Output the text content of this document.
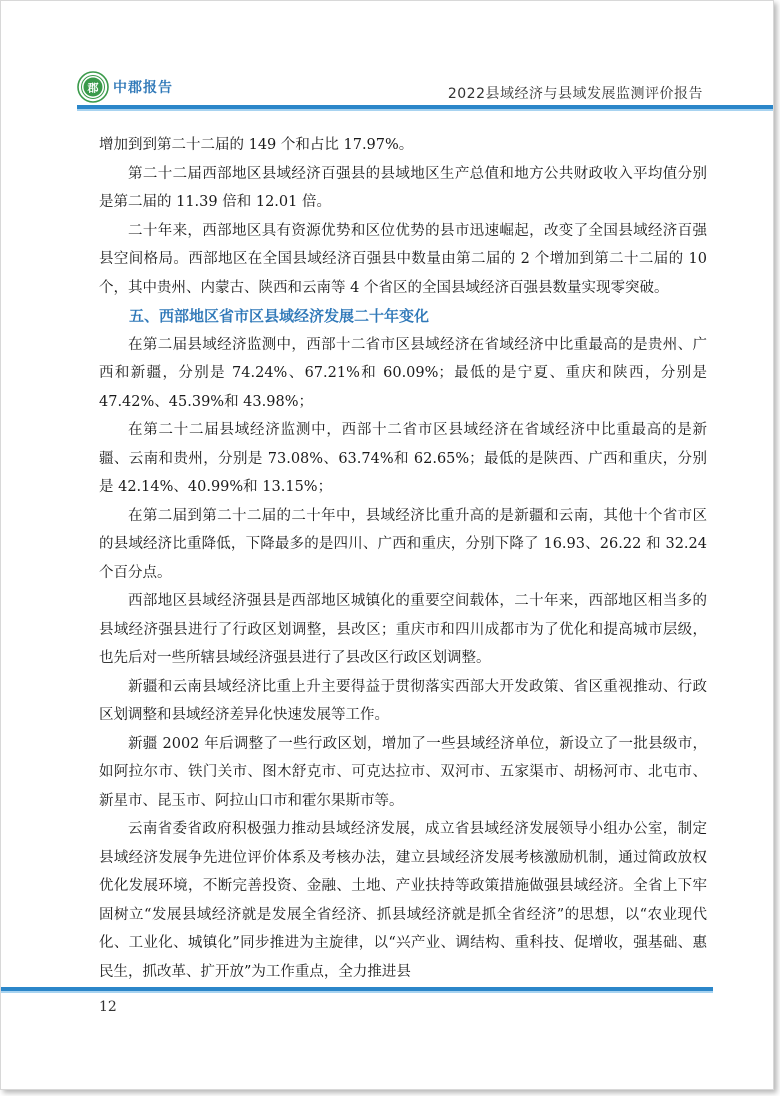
郡 中郡报告	2022县域经济与县域发展监测评价报告

增加到到第二十二届的 149 个和占比 17.97%。

第二十二届西部地区县域经济百强县的县域地区生产总值和地方公共财政收入平均值分别是第二届的 11.39 倍和 12.01 倍。

二十年来，西部地区具有资源优势和区位优势的县市迅速崛起，改变了全国县域经济百强县空间格局。西部地区在全国县域经济百强县中数量由第二届的 2 个增加到第二十二届的 10 个，其中贵州、内蒙古、陕西和云南等 4 个省区的全国县域经济百强县数量实现零突破。

五、西部地区省市区县域经济发展二十年变化

在第二届县域经济监测中，西部十二省市区县域经济在省域经济中比重最高的是贵州、广西和新疆，分别是 74.24%、67.21%和 60.09%；最低的是宁夏、重庆和陕西，分别是 47.42%、45.39%和 43.98%；

在第二十二届县域经济监测中，西部十二省市区县域经济在省域经济中比重最高的是新疆、云南和贵州，分别是 73.08%、63.74%和 62.65%；最低的是陕西、广西和重庆，分别是 42.14%、40.99%和 13.15%；

在第二届到第二十二届的二十年中，县域经济比重升高的是新疆和云南，其他十个省市区的县域经济比重降低，下降最多的是四川、广西和重庆，分别下降了 16.93、26.22 和 32.24 个百分点。

西部地区县域经济强县是西部地区城镇化的重要空间载体，二十年来，西部地区相当多的县域经济强县进行了行政区划调整，县改区；重庆市和四川成都市为了优化和提高城市层级，也先后对一些所辖县域经济强县进行了县改区行政区划调整。

新疆和云南县域经济比重上升主要得益于贯彻落实西部大开发政策、省区重视推动、行政区划调整和县域经济差异化快速发展等工作。

新疆 2002 年后调整了一些行政区划，增加了一些县域经济单位，新设立了一批县级市，如阿拉尔市、铁门关市、图木舒克市、可克达拉市、双河市、五家渠市、胡杨河市、北屯市、新星市、昆玉市、阿拉山口市和霍尔果斯市等。

云南省委省政府积极强力推动县域经济发展，成立省县域经济发展领导小组办公室，制定县域经济发展争先进位评价体系及考核办法，建立县域经济发展考核激励机制，通过简政放权优化发展环境，不断完善投资、金融、土地、产业扶持等政策措施做强县域经济。全省上下牢固树立“发展县域经济就是发展全省经济、抓县域经济就是抓全省经济”的思想，以“农业现代化、工业化、城镇化”同步推进为主旋律，以“兴产业、调结构、重科技、促增收，强基础、惠民生，抓改革、扩开放”为工作重点，全力推进县

12
